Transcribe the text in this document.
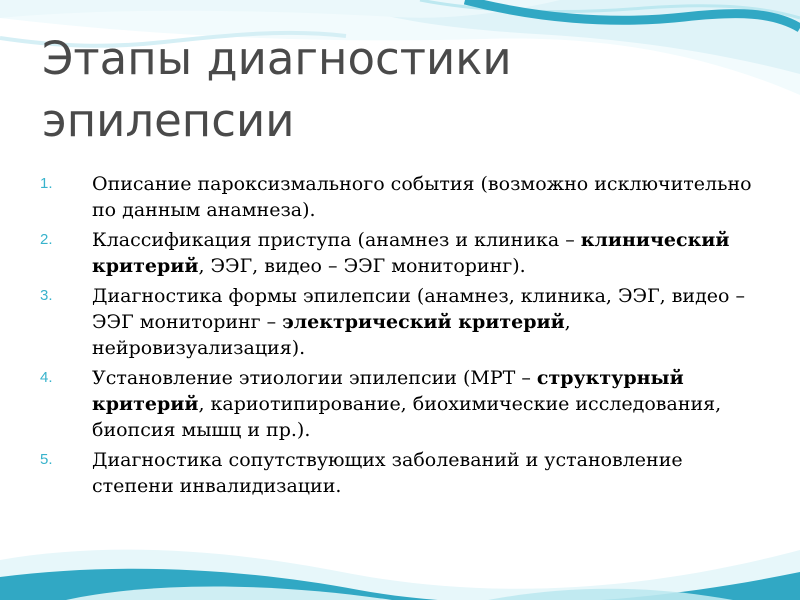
Этапы диагностики эпилепсии
1.	Описание пароксизмального события (возможно исключительно по данным анамнеза).
2.	Классификация приступа (анамнез и клиника – клинический критерий, ЭЭГ, видео – ЭЭГ мониторинг).
3.	Диагностика формы эпилепсии (анамнез, клиника, ЭЭГ, видео – ЭЭГ мониторинг – электрический критерий, нейровизуализация).
4.	Установление этиологии эпилепсии (МРТ – структурный критерий, кариотипирование, биохимические исследования, биопсия мышц и пр.).
5.	Диагностика сопутствующих заболеваний и установление степени инвалидизации.
